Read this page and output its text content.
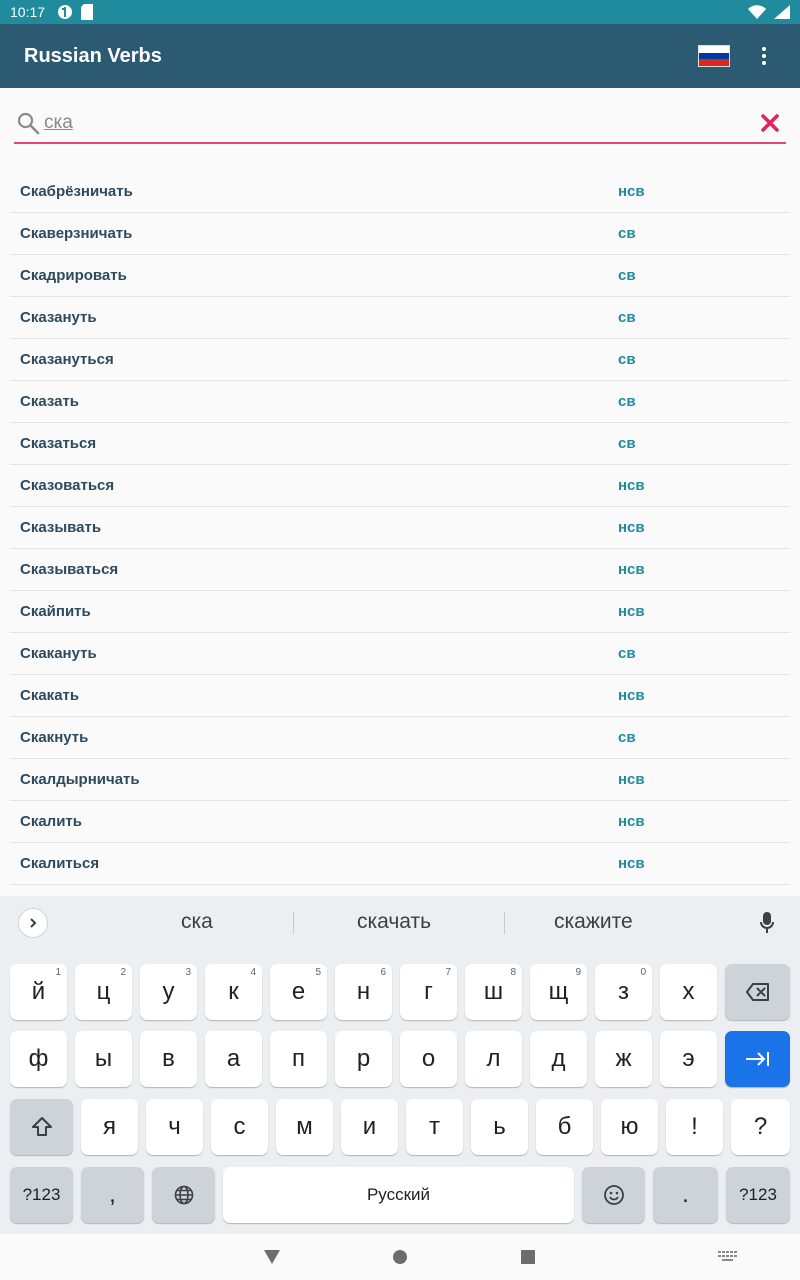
10:17
Russian Verbs
ска
Скабрёзничать	нсв
Скаверзничать	св
Скадрировать	св
Сказануть	св
Сказануться	св
Сказать	св
Сказаться	св
Сказоваться	нсв
Сказывать	нсв
Сказываться	нсв
Скайпить	нсв
Скакануть	св
Скакать	нсв
Скакнуть	св
Скалдырничать	нсв
Скалить	нсв
Скалиться	нсв
ска	скачать	скажите
й
1
ц
2
у
3
к
4
е
5
н
6
г
7
ш
8
щ
9
з
0
х
ф ы в а п р о л д ж э
я ч с м и т ь б ю ! ?
?123	,	Русский	.	?123
